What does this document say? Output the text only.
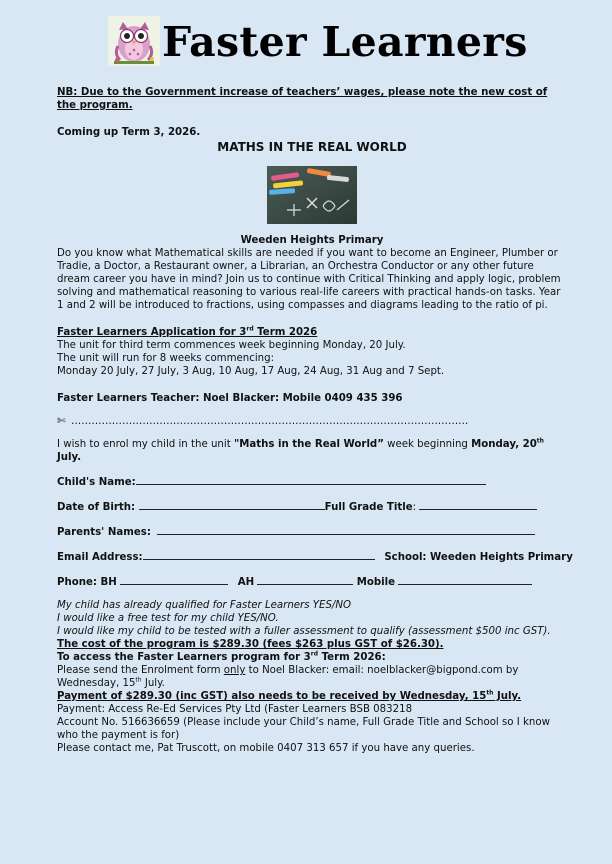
Faster Learners

NB: Due to the Government increase of teachers’ wages, please note the new cost of the program.

Coming up Term 3, 2026.

MATHS IN THE REAL WORLD

Weeden Heights Primary

Do you know what Mathematical skills are needed if you want to become an Engineer, Plumber or Tradie, a Doctor, a Restaurant owner, a Librarian, an Orchestra Conductor or any other future dream career you have in mind? Join us to continue with Critical Thinking and apply logic, problem solving and mathematical reasoning to various real-life careers with practical hands-on tasks. Year 1 and 2 will be introduced to fractions, using compasses and diagrams leading to the ratio of pi.

Faster Learners Application for 3rd Term 2026

The unit for third term commences week beginning Monday, 20 July.

The unit will run for 8 weeks commencing:

Monday 20 July, 27 July, 3 Aug, 10 Aug, 17 Aug, 24 Aug, 31 Aug and 7 Sept.

Faster Learners Teacher: Noel Blacker: Mobile 0409 435 396

✄ ………………………………………………………………………………………………………

I wish to enrol my child in the unit "Maths in the Real World” week beginning Monday, 20th July.

Child's Name:

Date of Birth:	Full Grade Title:

Parents' Names:

Email Address:	School: Weeden Heights Primary

Phone: BH	AH	Mobile

My child has already qualified for Faster Learners YES/NO

I would like a free test for my child YES/NO.

I would like my child to be tested with a fuller assessment to qualify (assessment $500 inc GST).

The cost of the program is $289.30 (fees $263 plus GST of $26.30).

To access the Faster Learners program for 3rd Term 2026:

Please send the Enrolment form only to Noel Blacker: email: noelblacker@bigpond.com by
Wednesday, 15th July.

Payment of $289.30 (inc GST) also needs to be received by Wednesday, 15th July.

Payment: Access Re-Ed Services Pty Ltd (Faster Learners BSB 083218

Account No. 516636659 (Please include your Child’s name, Full Grade Title and School so I know who the payment is for)

Please contact me, Pat Truscott, on mobile 0407 313 657 if you have any queries.
